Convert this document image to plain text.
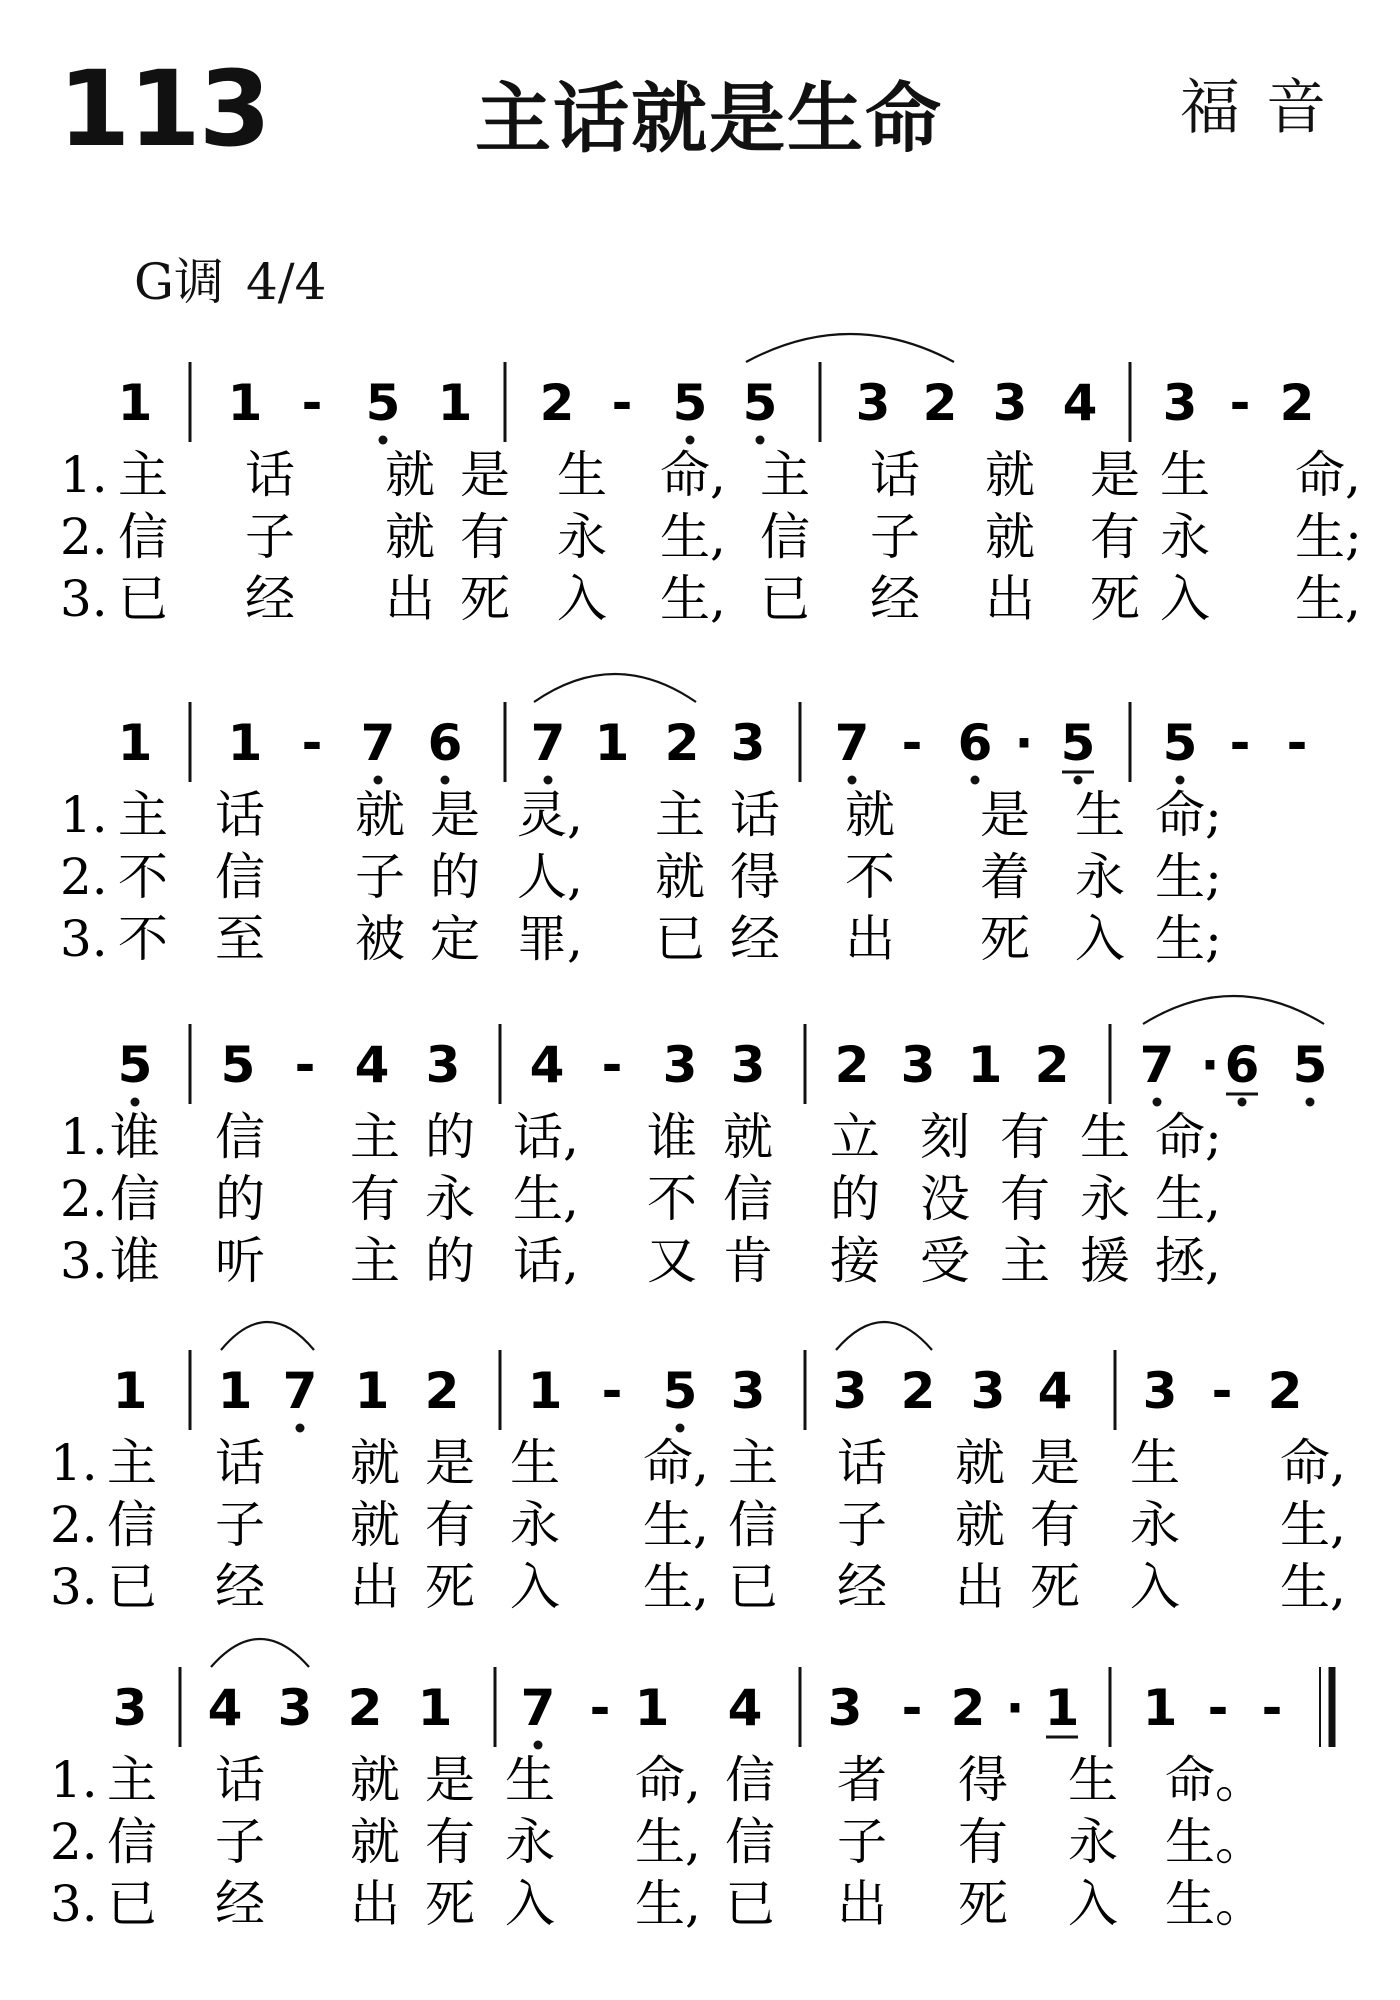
113	主话就是生命	福音
G调 4/4
1 1 - 5 1 2 - 5 5 3 2 3 4 3 - 2
1. 主 话 就 是 生 命, 主 话 就 是 生 命,
2. 信 子 就 有 永 生, 信 子 就 有 永 生;
3. 已 经 出 死 入 生, 已 经 出 死 入 生,
1 1 - 7 6 7 1 2 3 7 - 6 · 5 5 - -
1. 主 话 就 是 灵, 主 话 就 是 生 命;
2. 不 信 子 的 人, 就 得 不 着 永 生;
3. 不 至 被 定 罪, 已 经 出 死 入 生;
5 5 - 4 3 4 - 3 3 2 3 1 2 7 · 6 5
1. 谁 信 主 的 话, 谁 就 立 刻 有 生 命;
2. 信 的 有 永 生, 不 信 的 没 有 永 生,
3. 谁 听 主 的 话, 又 肯 接 受 主 援 拯,
1 1 7 1 2 1 - 5 3 3 2 3 4 3 - 2
1. 主 话 就 是 生 命, 主 话 就 是 生 命,
2. 信 子 就 有 永 生, 信 子 就 有 永 生,
3. 已 经 出 死 入 生, 已 经 出 死 入 生,
3 4 3 2 1 7 - 1 4 3 - 2 · 1 1 - -
1. 主 话 就 是 生 命, 信 者 得 生 命。
2. 信 子 就 有 永 生, 信 子 有 永 生。
3. 已 经 出 死 入 生, 已 出 死 入 生。
